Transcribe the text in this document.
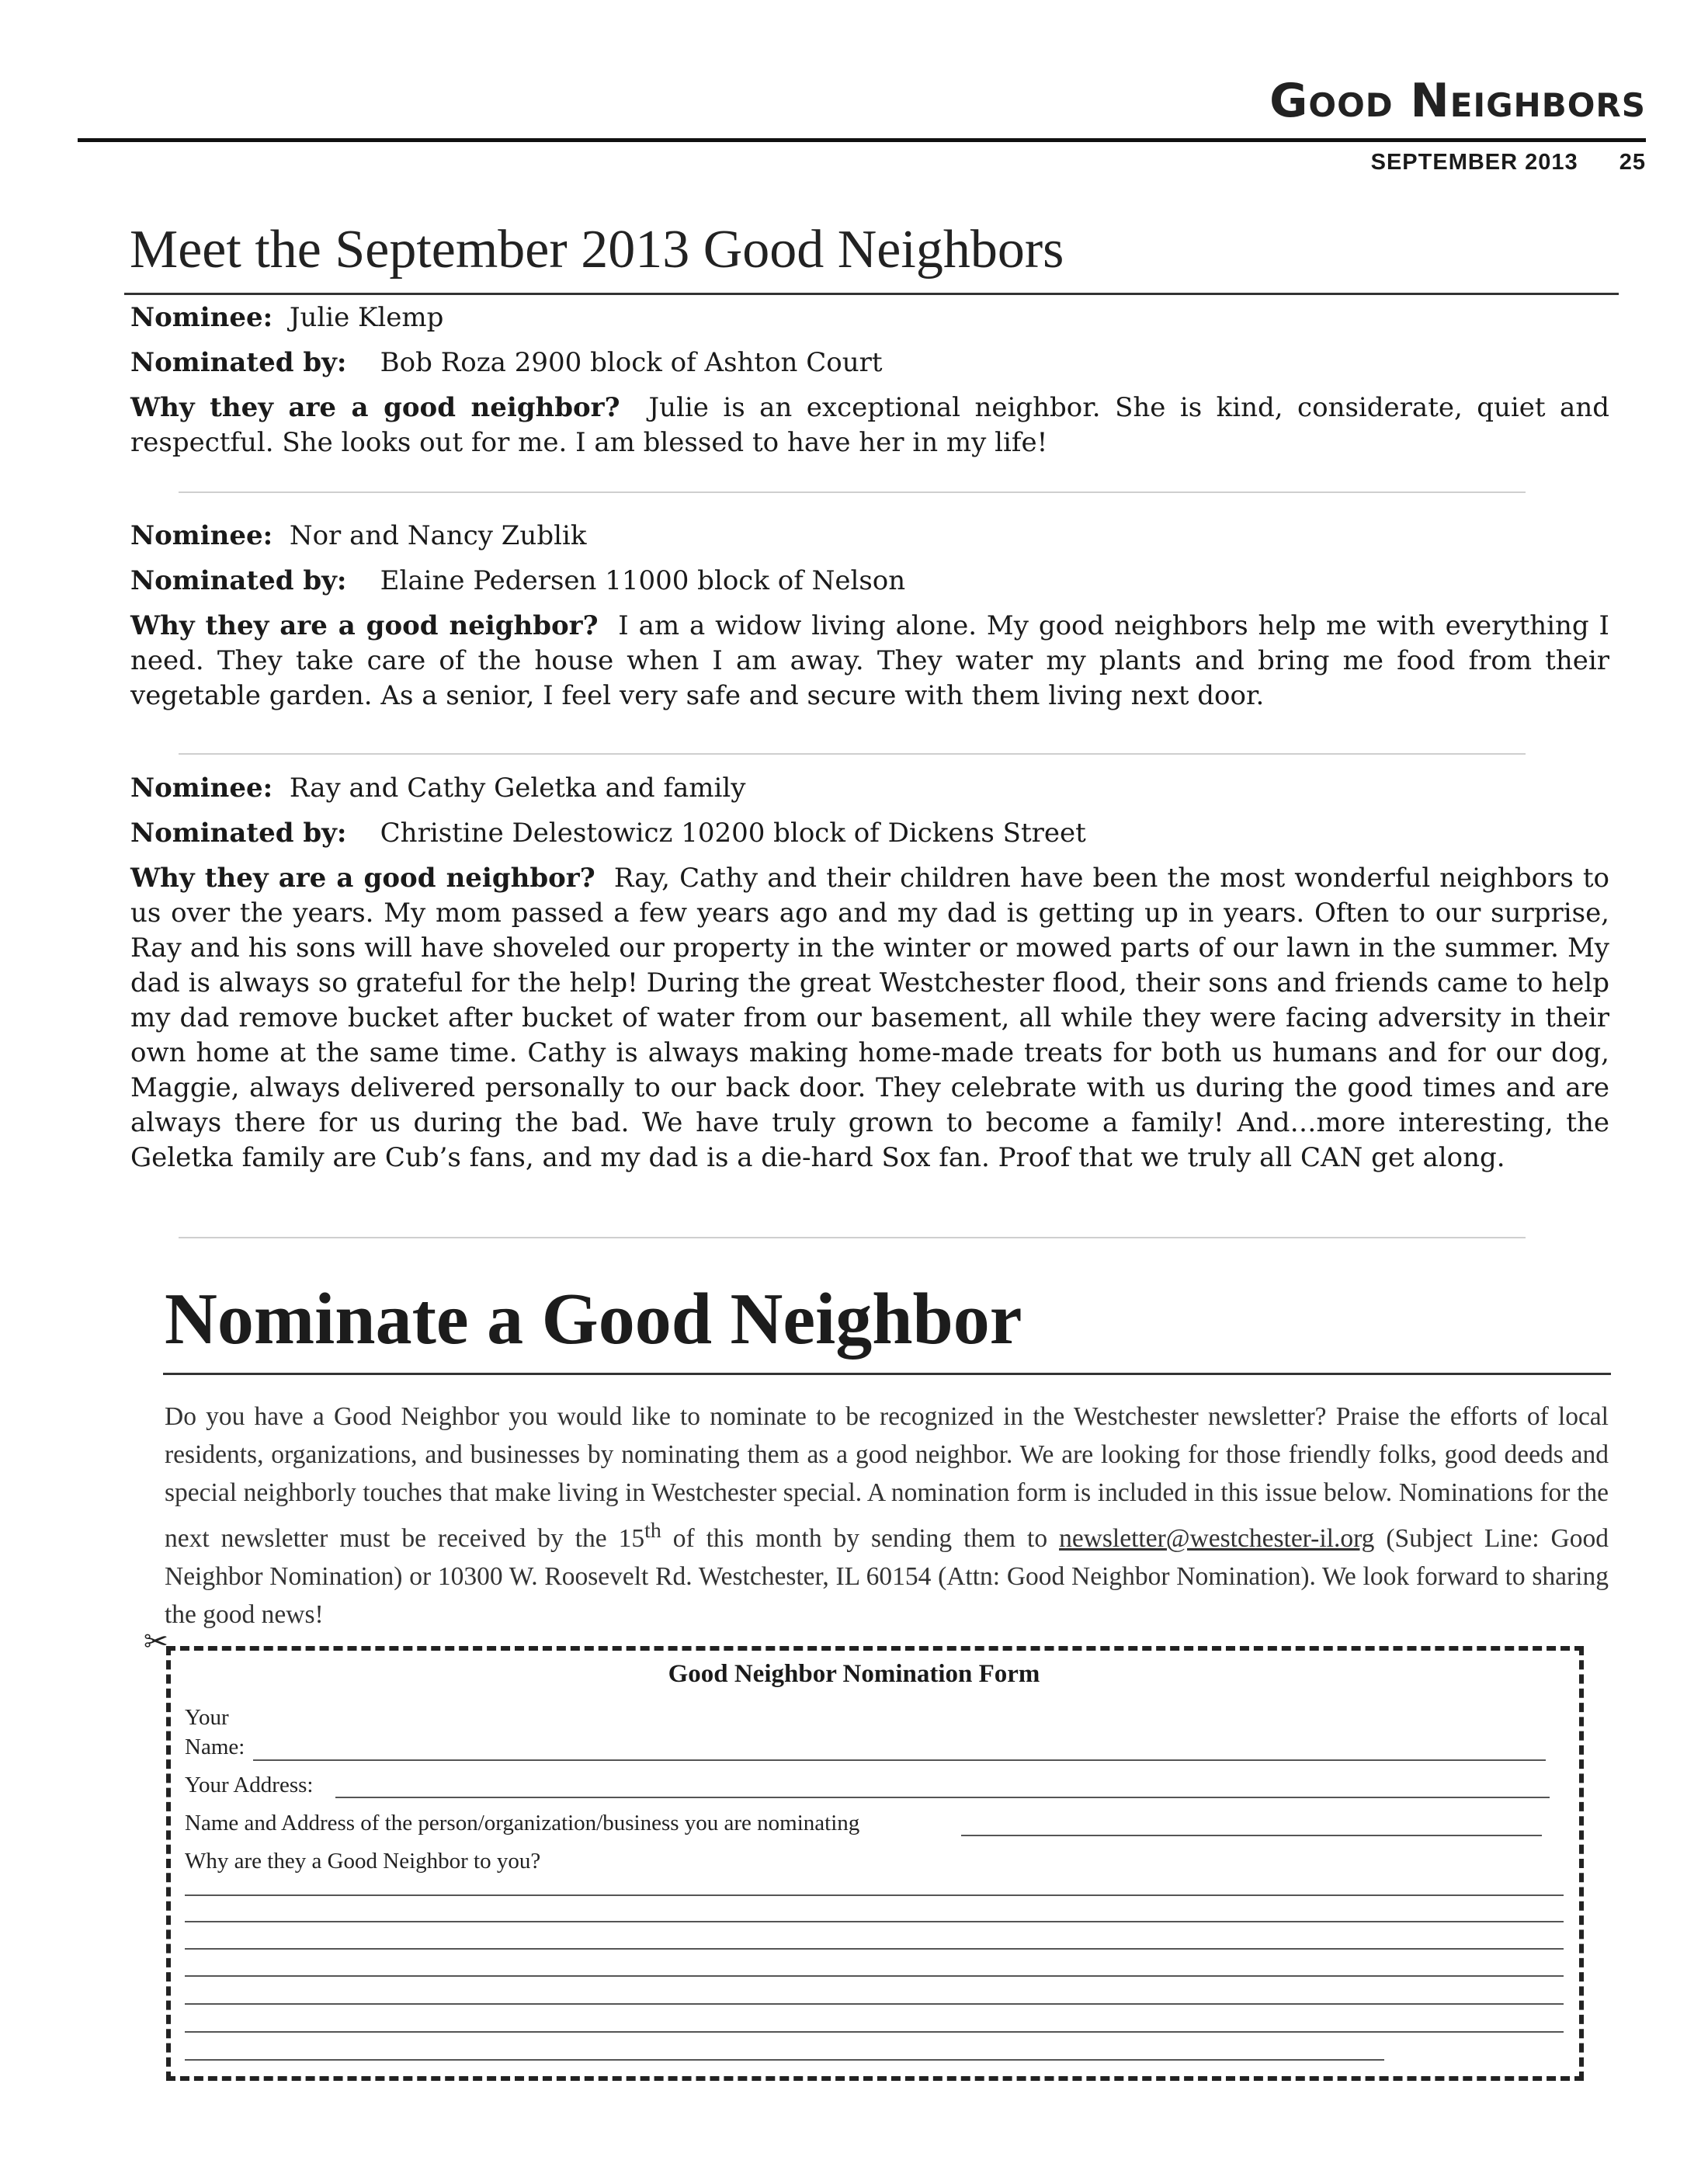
Good Neighbors
SEPTEMBER 2013 25
Meet the September 2013 Good Neighbors

Nominee: Julie Klemp

Nominated by: Bob Roza 2900 block of Ashton Court

Why they are a good neighbor? Julie is an exceptional neighbor. She is kind, considerate, quiet and respectful. She looks out for me. I am blessed to have her in my life!

Nominee: Nor and Nancy Zublik

Nominated by: Elaine Pedersen 11000 block of Nelson

Why they are a good neighbor? I am a widow living alone. My good neighbors help me with everything I need. They take care of the house when I am away. They water my plants and bring me food from their vegetable garden. As a senior, I feel very safe and secure with them living next door.

Nominee: Ray and Cathy Geletka and family

Nominated by: Christine Delestowicz 10200 block of Dickens Street

Why they are a good neighbor? Ray, Cathy and their children have been the most wonderful neighbors to us over the years. My mom passed a few years ago and my dad is getting up in years. Often to our surprise, Ray and his sons will have shoveled our property in the winter or mowed parts of our lawn in the summer. My dad is always so grateful for the help! During the great Westchester flood, their sons and friends came to help my dad remove bucket after bucket of water from our basement, all while they were facing adversity in their own home at the same time. Cathy is always making home-made treats for both us humans and for our dog, Maggie, always delivered personally to our back door. They celebrate with us during the good times and are always there for us during the bad. We have truly grown to become a family! And…more interesting, the Geletka family are Cub’s fans, and my dad is a die-hard Sox fan. Proof that we truly all CAN get along.

Nominate a Good Neighbor

Do you have a Good Neighbor you would like to nominate to be recognized in the Westchester newsletter? Praise the efforts of local residents, organizations, and businesses by nominating them as a good neighbor. We are looking for those friendly folks, good deeds and special neighborly touches that make living in Westchester special. A nomination form is included in this issue below. Nominations for the next newsletter must be received by the 15th of this month by sending them to newsletter@westchester-il.org (Subject Line: Good Neighbor Nomination) or 10300 W. Roosevelt Rd. Westchester, IL 60154 (Attn: Good Neighbor Nomination). We look forward to sharing the good news!

✂
Good Neighbor Nomination Form
Your
Name:
Your Address:
Name and Address of the person/organization/business you are nominating
Why are they a Good Neighbor to you?
